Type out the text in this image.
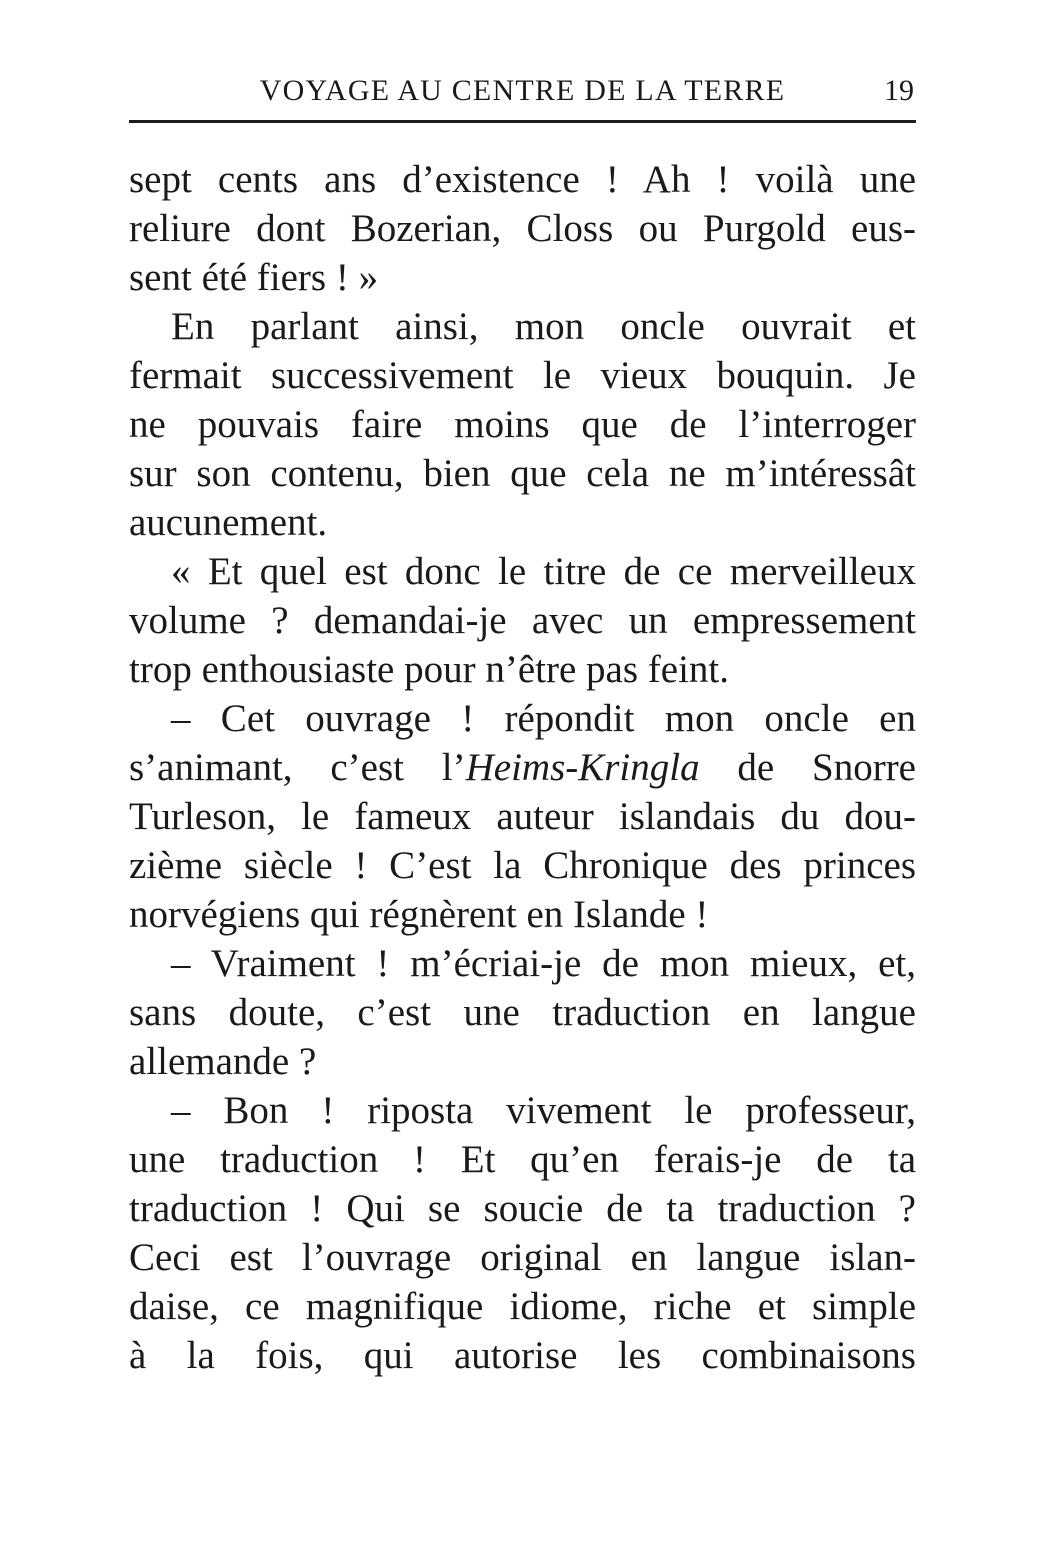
VOYAGE AU CENTRE DE LA TERRE	19
sept cents ans d’existence ! Ah ! voilà une
reliure dont Bozerian, Closs ou Purgold eus-
sent été fiers ! »
En parlant ainsi, mon oncle ouvrait et
fermait successivement le vieux bouquin. Je
ne pouvais faire moins que de l’interroger
sur son contenu, bien que cela ne m’intéressât
aucunement.
« Et quel est donc le titre de ce merveilleux
volume ? demandai-je avec un empressement
trop enthousiaste pour n’être pas feint.
– Cet ouvrage ! répondit mon oncle en
s’animant, c’est l’Heims-Kringla de Snorre
Turleson, le fameux auteur islandais du dou-
zième siècle ! C’est la Chronique des princes
norvégiens qui régnèrent en Islande !
– Vraiment ! m’écriai-je de mon mieux, et,
sans doute, c’est une traduction en langue
allemande ?
– Bon ! riposta vivement le professeur,
une traduction ! Et qu’en ferais-je de ta
traduction ! Qui se soucie de ta traduction ?
Ceci est l’ouvrage original en langue islan-
daise, ce magnifique idiome, riche et simple
à la fois, qui autorise les combinaisons
